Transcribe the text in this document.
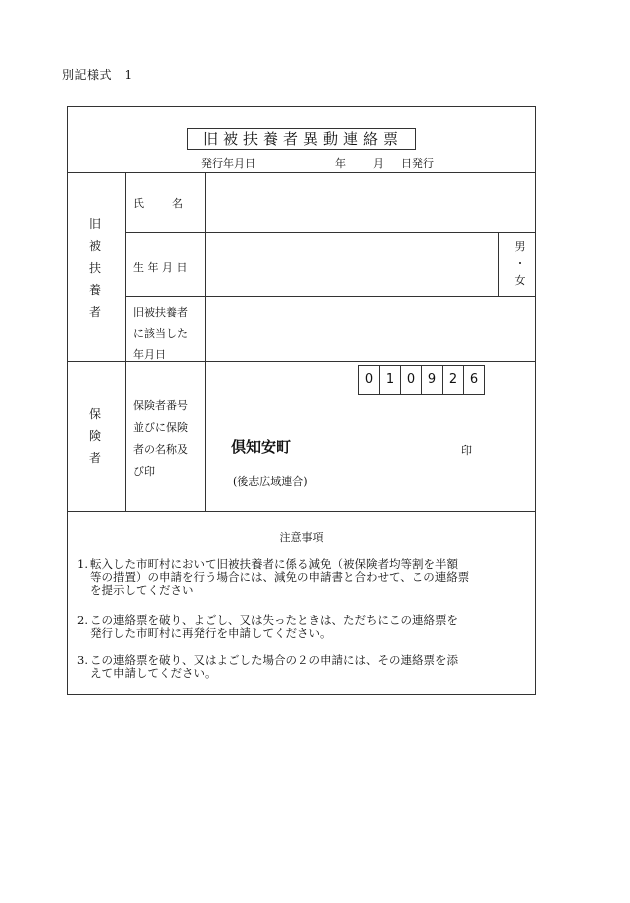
別記様式　1
旧被扶養者異動連絡票
発行年月日	年 月 日発行
旧被扶養者
氏　　名
生 年 月 日
男
・
女
旧被扶養者
に該当した
年月日
保険者
保険者番号
並びに保険
者の名称及
び印
0 1 0 9 2 6
倶知安町	印
(後志広域連合)
注意事項
1. 転入した市町村において旧被扶養者に係る減免（被保険者均等割を半額
等の措置）の申請を行う場合には、減免の申請書と合わせて、この連絡票
を提示してください
2. この連絡票を破り、よごし、又は失ったときは、ただちにこの連絡票を
発行した市町村に再発行を申請してください。
3. この連絡票を破り、又はよごした場合の２の申請には、その連絡票を添
えて申請してください。
